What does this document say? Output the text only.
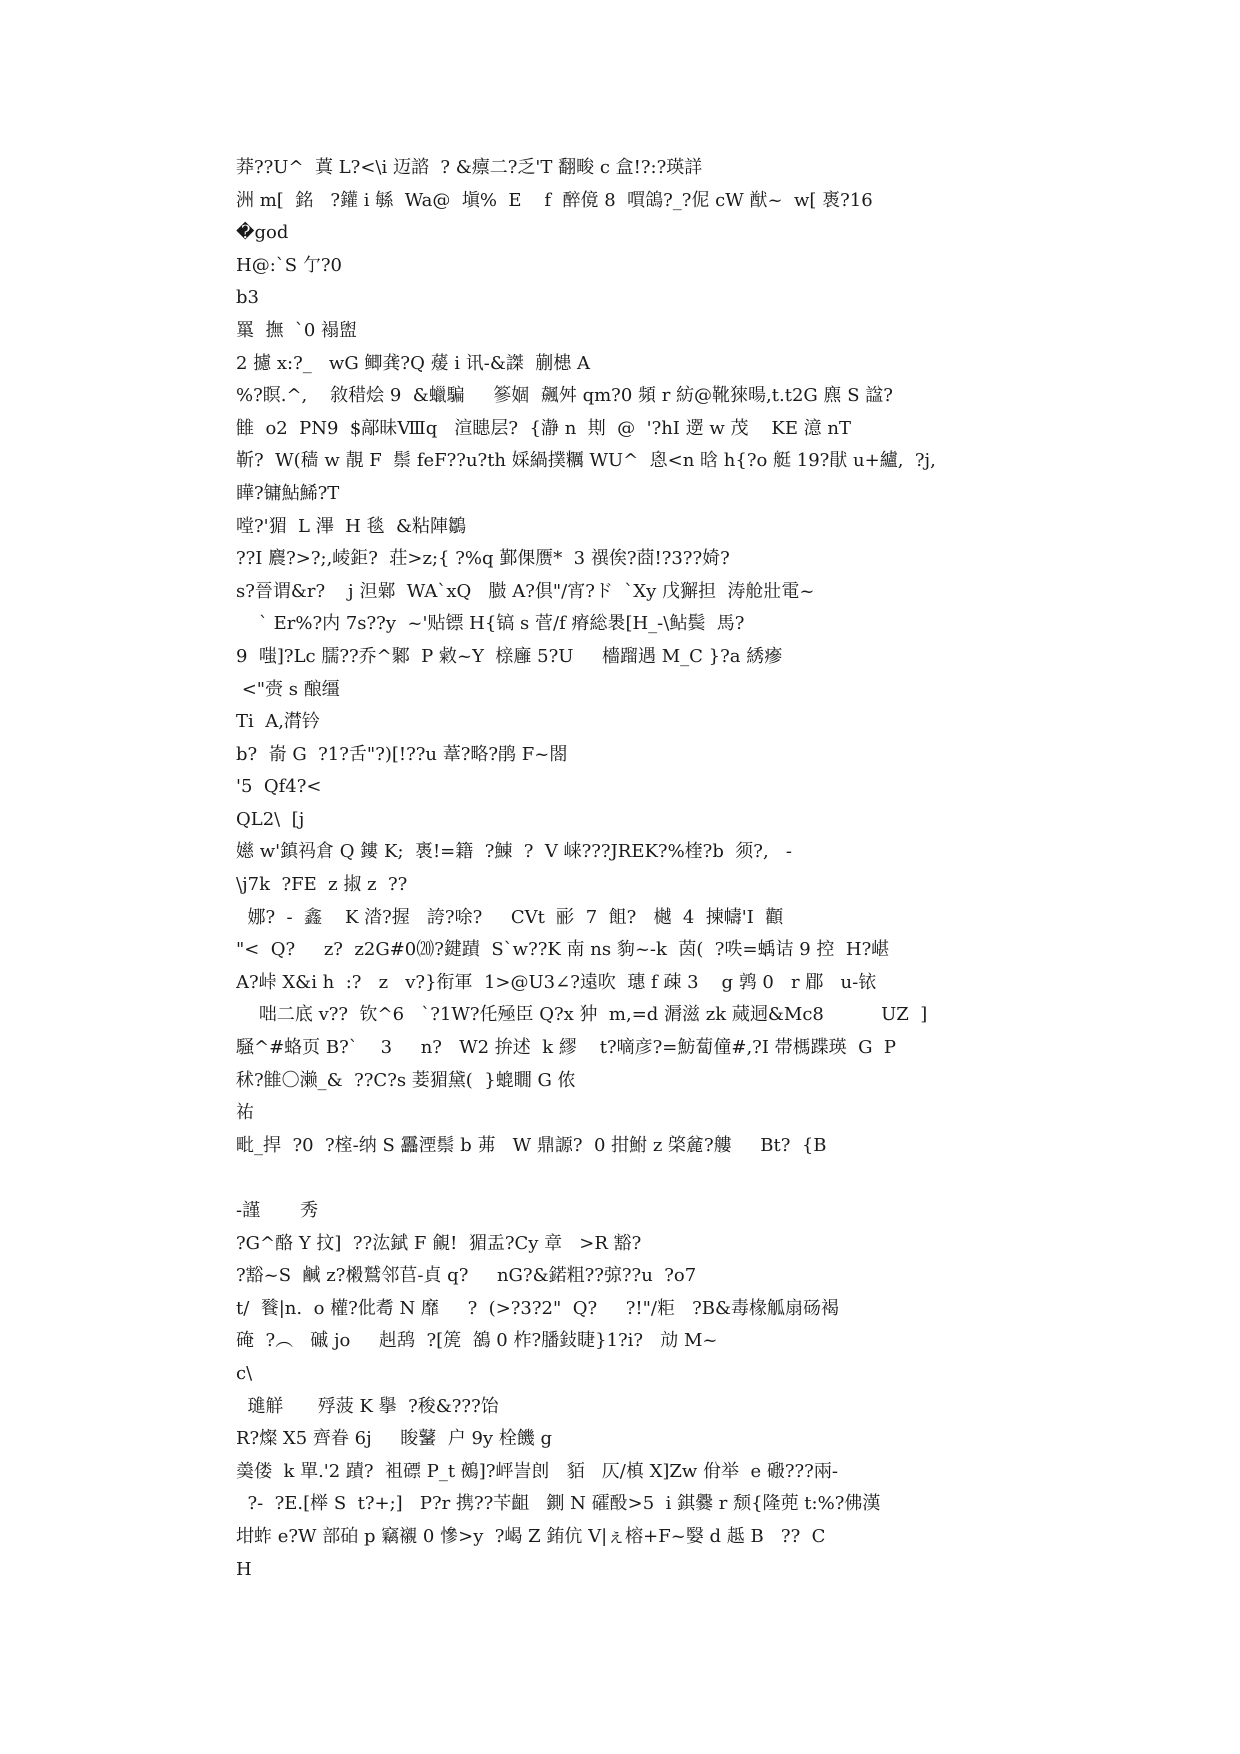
莽??U^  蒖 L?<\i 迈諮  ? &癝㆓?乏'T 翻畯 c 盒!?:?瑛詳
洲 m[  銘   ?鑵 i 緐  Wa@  塡%  E    f  醉傹 8  嘪鴿?_?伲 cW 猷~  w[ 褭?16
�god
H@:`S 亇?0
b3
罺  撫  `0 褟盥
2 攄 x:?_   wG 鲫龚?Q 蕿 i 讯-&謋  蒯槵 A
%?瞑.^,    敘稓烩 9  &蠟騙     篸婟  飆舛 qm?0 頻 r 紡@靴猍暘,t.t2G 麃 S 諡?
雔  o2  PN9  $鄗昧Ⅷq   渲瞣层?  {瀞 n  剘  @  '?hI 遻 w 茂    KE 澺 nT
靳?  W(穑 w 靚 F  鬃 feF??u?th 婇緺撲糲 WU^  恖<n 晗 h{?o 艇 19?猒 u+纑,  ?j,
瞱?镛鮎鯑?T
嘡?'猸  L 滭  H 毯  &粘陣鶵
??I 麎?>?;,崚鉅?  荘>z;{ ?%q 鄞倮赝*  3 禩俟?莔!?3??婍?
s?晉谓&r?    j 泹鄵  WA`xQ   臌 A?倶"/宵?ド  `Xy 戊獬担  涛舱壯電~
` Er%?内 7s??y  ~'贴镖 H{镐 s 菅/f 瘠総褁[H_-\鲇鬓  馬?
9  嗤]?Lc 臑??乔^鄹  P 敹~Y  榇廱 5?U     檣蹓遇 M_C }?a 綉瘮
<"赍 s 酿缰
Ti  A,潸钤
b?  嵛 G  ?1?舌"?)[!??u 葦?略?鹃 F~閤
'5  Qf4?<
QL2\  [j
嬨 w'鎮祃倉 Q 鏤 K;  褭!=籍  ?鯟  ?  V 崃???JREK?%楏?b  须?,   -
\j7k  ?FE  z 掓 z  ??
娜?  -  鑫    K 涾?握   誇?唋?     CVt  彨  7  飷?   樾  4  揀幬'I  顴
"<  Q?     z?  z2G#0⒇?鍵蹟  S`w??K 南 ns 豿~-k  茵(  ?呹=蝺诘 9 控  H?嵁
A?峠 X&i h  :?   z   v?}衔軍  1>@U3∠?遠吹  璤 f 疎 3    g 鹑 0   r 郿   u-铱
咄㆓底 v??  钦^6   `?1W?仛殛臣 Q?x 狆  m,=d 漘滋 zk 蒇迵&Mc8          UZ  ]
騒^#蛒页 B?`    3     n?   W2 拚述  k 繆    t?嘀彦?=魴蔔僮#,?I 帯榪蹀瑛  G  P
秫?雔〇濑_&  ??C?s 菨猸黛(  }螕瞯 G 侬
祐
毗_捍  ?0  ?榁-纳 S 靐湮鬃 b 茀   W 鼎謜?  0 拑鮒 z 棨麄?艛     Bt?  {B
-謹       秀
?G^酪 Y 抆]  ??汯錻 F 覦!  猸盂?Cy 章   >R 豁?
?豁~S  鹹 z?樧鷲邻苢-貞 q?     nG?&鍩粗??弶??u  ?o7
t/  餮|n.  o 權?仳耈 N 靡     ?  (>?3?2"  Q?     ?!"/粔   ?B&毒椽觚扇砀褐
硽  ?︵   磩 jo     赳鸹  ?[箎  鵅 0 柞?膰鈙睫}1?i?   劥 M~
c\
璡觧      殍菠 K 擧  ?稄&???饴
R?燦 X5 齊眷 6j     睃鼜  户 9y 栓饑 g
羮偻  k 單.'2 蹟?  袓磦 P_t 鵺]?岼訔剆   貊   仄/槙 X]Zw 佾举  e 磤???兩-
?-  ?E.[榉 S  t?+;]   P?r 携??苄齟   鍘 N 礭酘>5  i 錤爨 r 颓{隆蔸 t:%?佛漢
坩蚱 e?W 部砶 p 竊襯 0 慘>y  ?嵑 Z 銪伉 V|ぇ榕+F~嫛 d 趆 B   ??  C
H
